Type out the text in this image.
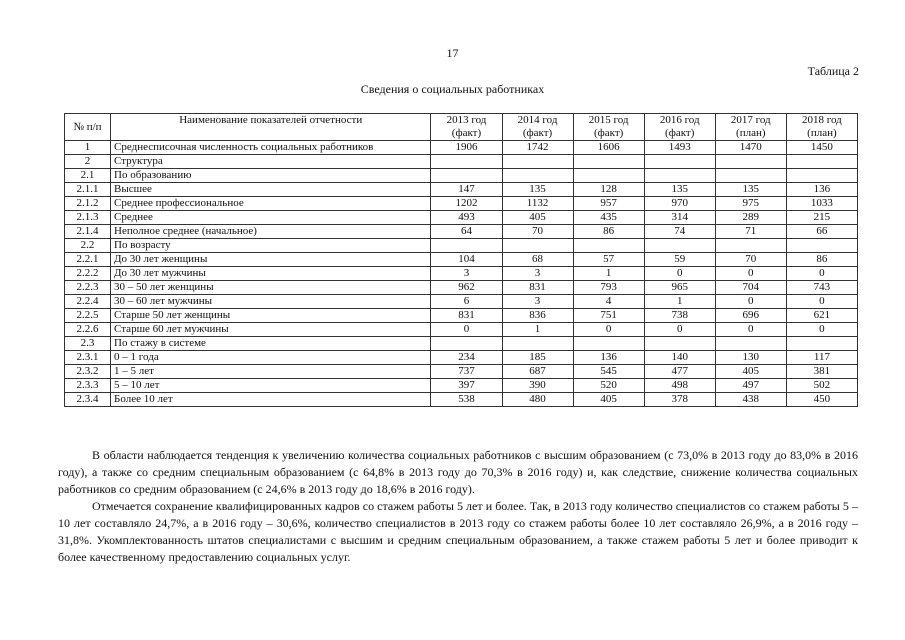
17
Таблица 2
Сведения о социальных работниках
№ п/п	Наименование показателей отчетности	2013 год (факт)	2014 год (факт)	2015 год (факт)	2016 год (факт)	2017 год (план)	2018 год (план)
1	Среднесписочная численность социальных работников	1906	1742	1606	1493	1470	1450
2	Структура						
2.1	По образованию						
2.1.1	Высшее	147	135	128	135	135	136
2.1.2	Среднее профессиональное	1202	1132	957	970	975	1033
2.1.3	Среднее	493	405	435	314	289	215
2.1.4	Неполное среднее (начальное)	64	70	86	74	71	66
2.2	По возрасту						
2.2.1	До 30 лет женщины	104	68	57	59	70	86
2.2.2	До 30 лет мужчины	3	3	1	0	0	0
2.2.3	30 – 50 лет женщины	962	831	793	965	704	743
2.2.4	30 – 60 лет мужчины	6	3	4	1	0	0
2.2.5	Старше 50 лет женщины	831	836	751	738	696	621
2.2.6	Старше 60 лет мужчины	0	1	0	0	0	0
2.3	По стажу в системе						
2.3.1	0 – 1 года	234	185	136	140	130	117
2.3.2	1 – 5 лет	737	687	545	477	405	381
2.3.3	5 – 10 лет	397	390	520	498	497	502
2.3.4	Более 10 лет	538	480	405	378	438	450

В области наблюдается тенденция к увеличению количества социальных работников с высшим образованием (с 73,0% в 2013 году до 83,0% в 2016 году), а также со средним специальным образованием (с 64,8% в 2013 году до 70,3% в 2016 году) и, как следствие, снижение количества социальных работников со средним образованием (с 24,6% в 2013 году до 18,6% в 2016 году).

Отмечается сохранение квалифицированных кадров со стажем работы 5 лет и более. Так, в 2013 году количество специалистов со стажем работы 5 – 10 лет составляло 24,7%, а в 2016 году – 30,6%, количество специалистов в 2013 году со стажем работы более 10 лет составляло 26,9%, а в 2016 году – 31,8%. Укомплектованность штатов специалистами с высшим и средним специальным образованием, а также стажем работы 5 лет и более приводит к более качественному предоставлению социальных услуг.
